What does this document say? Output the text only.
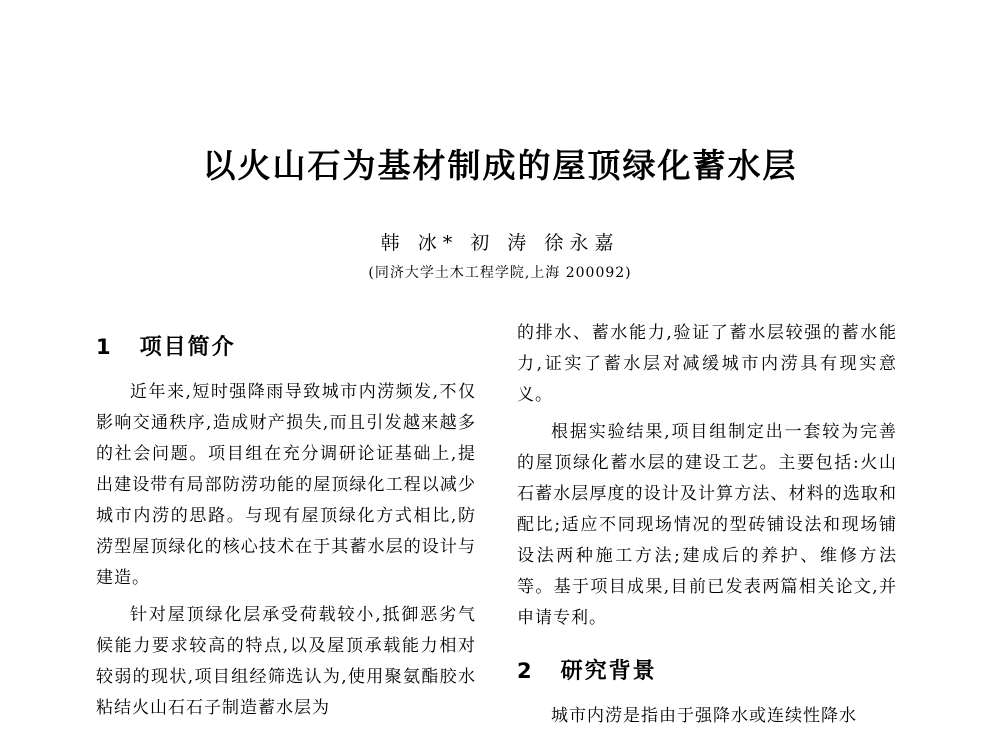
以火山石为基材制成的屋顶绿化蓄水层
韩 冰* 初 涛 徐永嘉
(同济大学土木工程学院,上海 200092)
1 项目简介

近年来,短时强降雨导致城市内涝频发,不仅影响交通秩序,造成财产损失,而且引发越来越多的社会问题。项目组在充分调研论证基础上,提出建设带有局部防涝功能的屋顶绿化工程以减少城市内涝的思路。与现有屋顶绿化方式相比,防涝型屋顶绿化的核心技术在于其蓄水层的设计与建造。

针对屋顶绿化层承受荷载较小,抵御恶劣气候能力要求较高的特点,以及屋顶承载能力相对较弱的现状,项目组经筛选认为,使用聚氨酯胶水粘结火山石石子制造蓄水层为

的排水、蓄水能力,验证了蓄水层较强的蓄水能力,证实了蓄水层对减缓城市内涝具有现实意义。

根据实验结果,项目组制定出一套较为完善的屋顶绿化蓄水层的建设工艺。主要包括:火山石蓄水层厚度的设计及计算方法、材料的选取和配比;适应不同现场情况的型砖铺设法和现场铺设法两种施工方法;建成后的养护、维修方法等。基于项目成果,目前已发表两篇相关论文,并申请专利。

2 研究背景

城市内涝是指由于强降水或连续性降水
